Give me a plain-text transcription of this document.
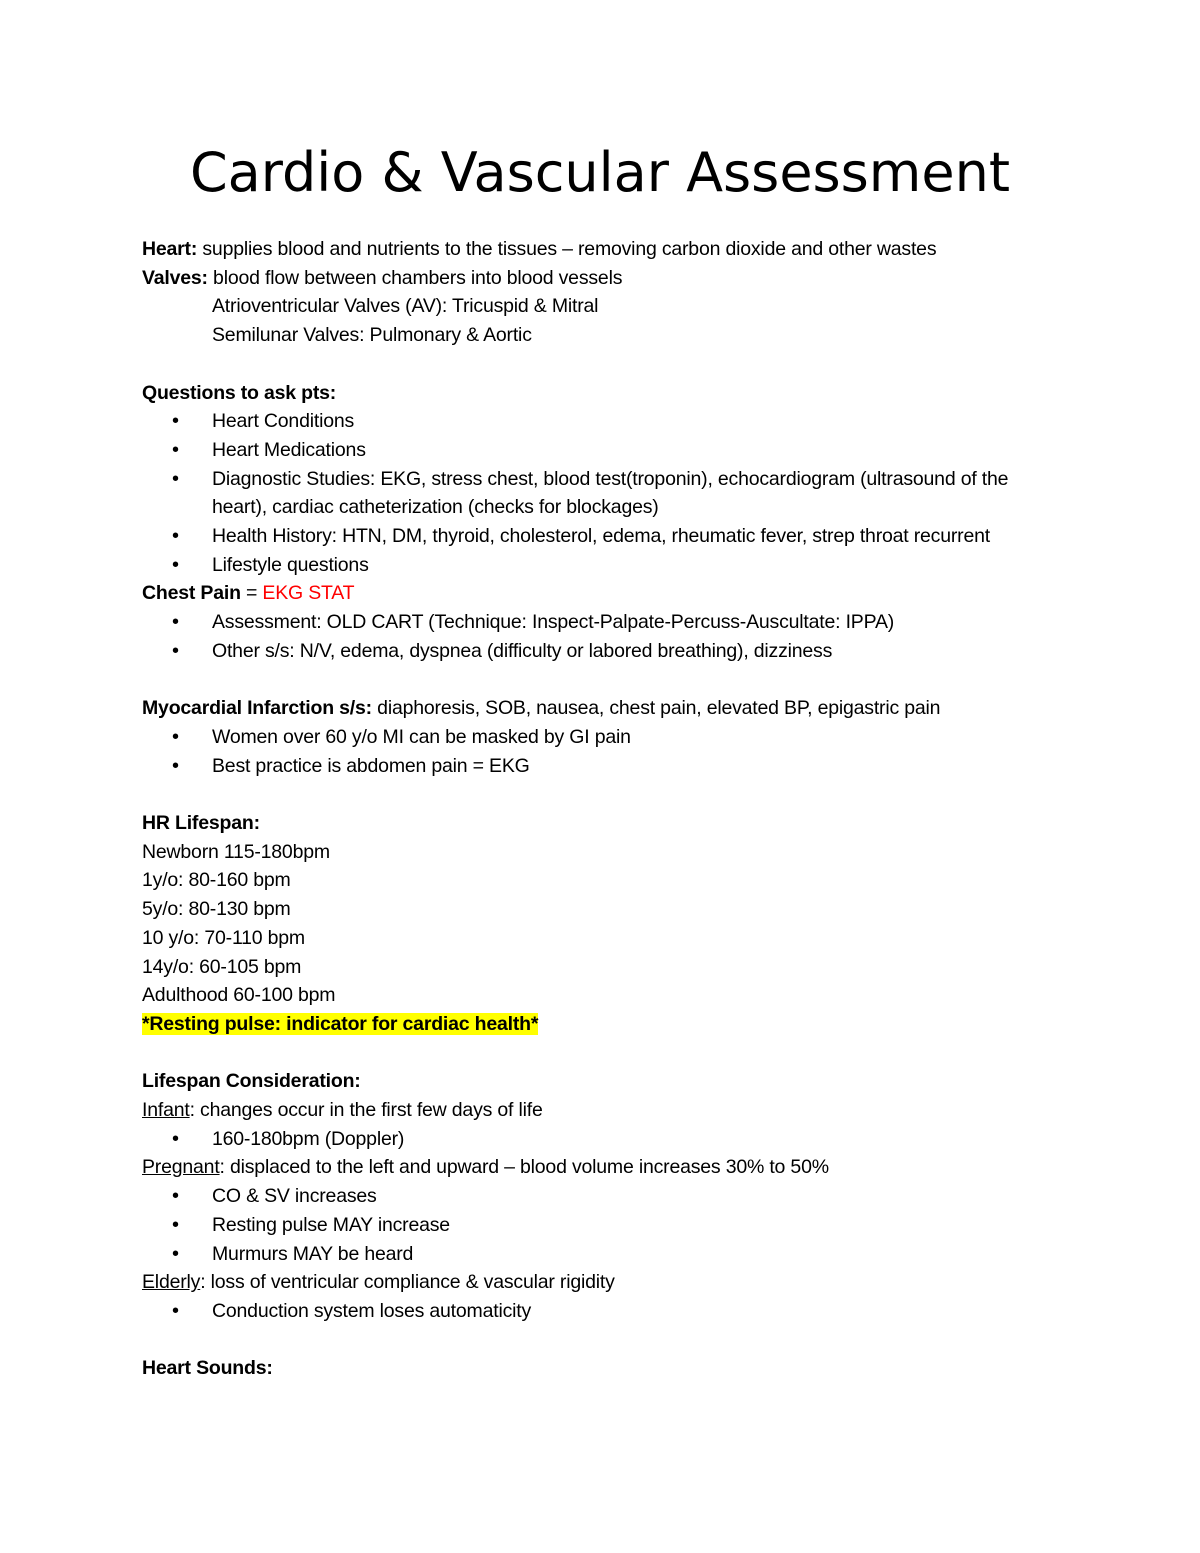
Cardio & Vascular Assessment
Heart: supplies blood and nutrients to the tissues – removing carbon dioxide and other wastes
Valves: blood flow between chambers into blood vessels
Atrioventricular Valves (AV): Tricuspid & Mitral
Semilunar Valves: Pulmonary & Aortic
Questions to ask pts:
• Heart Conditions
• Heart Medications
• Diagnostic Studies: EKG, stress chest, blood test(troponin), echocardiogram (ultrasound of the heart), cardiac catheterization (checks for blockages)
• Health History: HTN, DM, thyroid, cholesterol, edema, rheumatic fever, strep throat recurrent
• Lifestyle questions
Chest Pain = EKG STAT
• Assessment: OLD CART (Technique: Inspect-Palpate-Percuss-Auscultate: IPPA)
• Other s/s: N/V, edema, dyspnea (difficulty or labored breathing), dizziness
Myocardial Infarction s/s: diaphoresis, SOB, nausea, chest pain, elevated BP, epigastric pain
• Women over 60 y/o MI can be masked by GI pain
• Best practice is abdomen pain = EKG
HR Lifespan:
Newborn 115-180bpm
1y/o: 80-160 bpm
5y/o: 80-130 bpm
10 y/o: 70-110 bpm
14y/o: 60-105 bpm
Adulthood 60-100 bpm
*Resting pulse: indicator for cardiac health*
Lifespan Consideration:
Infant: changes occur in the first few days of life
• 160-180bpm (Doppler)
Pregnant: displaced to the left and upward – blood volume increases 30% to 50%
• CO & SV increases
• Resting pulse MAY increase
• Murmurs MAY be heard
Elderly: loss of ventricular compliance & vascular rigidity
• Conduction system loses automaticity
Heart Sounds:
